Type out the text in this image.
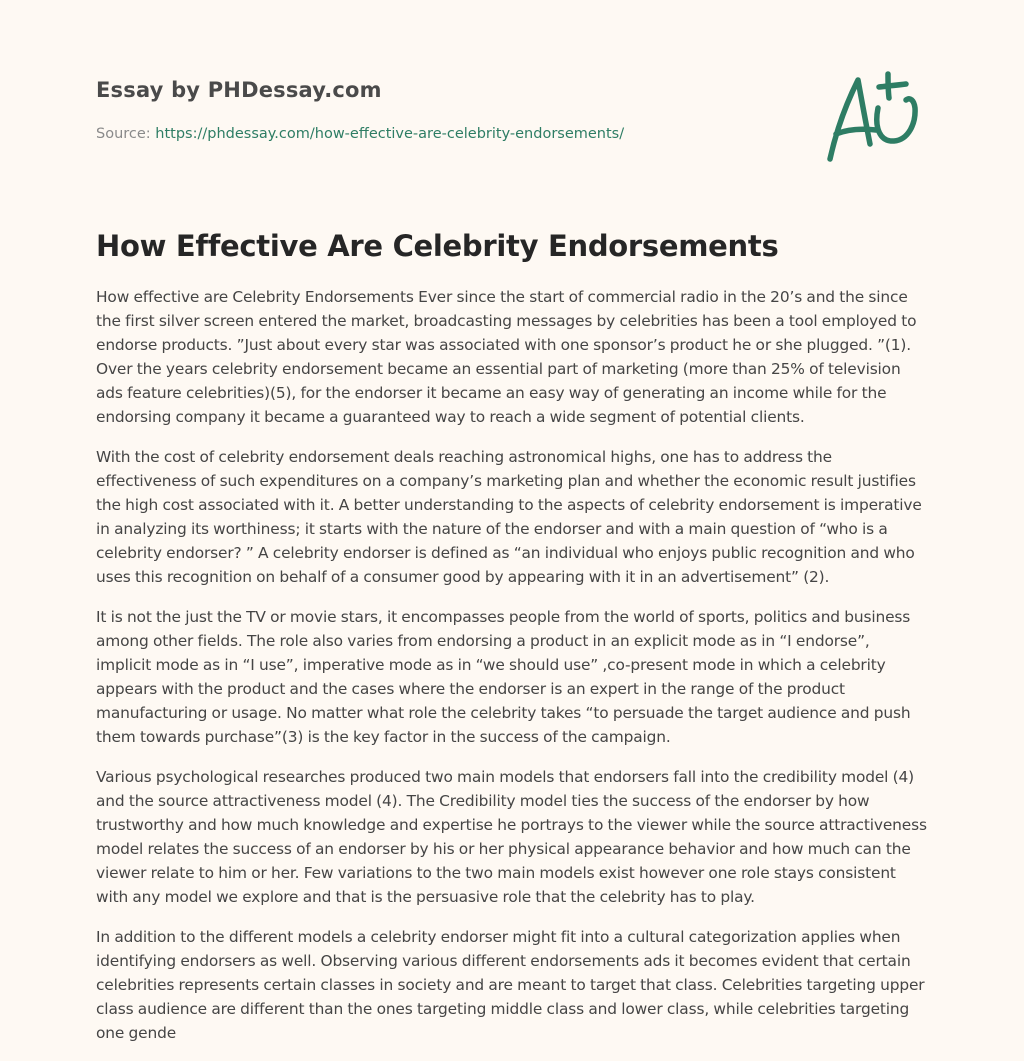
Essay by PHDessay.com
Source: https://phdessay.com/how-effective-are-celebrity-endorsements/
How Effective Are Celebrity Endorsements

How effective are Celebrity Endorsements Ever since the start of commercial radio in the 20’s and the since the first silver screen entered the market, broadcasting messages by celebrities has been a tool employed to endorse products. ”Just about every star was associated with one sponsor’s product he or she plugged. ”(1). Over the years celebrity endorsement became an essential part of marketing (more than 25% of television ads feature celebrities)(5), for the endorser it became an easy way of generating an income while for the endorsing company it became a guaranteed way to reach a wide segment of potential clients.

With the cost of celebrity endorsement deals reaching astronomical highs, one has to address the effectiveness of such expenditures on a company’s marketing plan and whether the economic result justifies the high cost associated with it. A better understanding to the aspects of celebrity endorsement is imperative in analyzing its worthiness; it starts with the nature of the endorser and with a main question of “who is a celebrity endorser? ” A celebrity endorser is defined as “an individual who enjoys public recognition and who uses this recognition on behalf of a consumer good by appearing with it in an advertisement” (2).

It is not the just the TV or movie stars, it encompasses people from the world of sports, politics and business among other fields. The role also varies from endorsing a product in an explicit mode as in “I endorse”, implicit mode as in “I use”, imperative mode as in “we should use” ,co-present mode in which a celebrity appears with the product and the cases where the endorser is an expert in the range of the product manufacturing or usage. No matter what role the celebrity takes “to persuade the target audience and push them towards purchase”(3) is the key factor in the success of the campaign.

Various psychological researches produced two main models that endorsers fall into the credibility model (4) and the source attractiveness model (4). The Credibility model ties the success of the endorser by how trustworthy and how much knowledge and expertise he portrays to the viewer while the source attractiveness model relates the success of an endorser by his or her physical appearance behavior and how much can the viewer relate to him or her. Few variations to the two main models exist however one role stays consistent with any model we explore and that is the persuasive role that the celebrity has to play.

In addition to the different models a celebrity endorser might fit into a cultural categorization applies when identifying endorsers as well. Observing various different endorsements ads it becomes evident that certain celebrities represents certain classes in society and are meant to target that class. Celebrities targeting upper class audience are different than the ones targeting middle class and lower class, while celebrities targeting one gende
